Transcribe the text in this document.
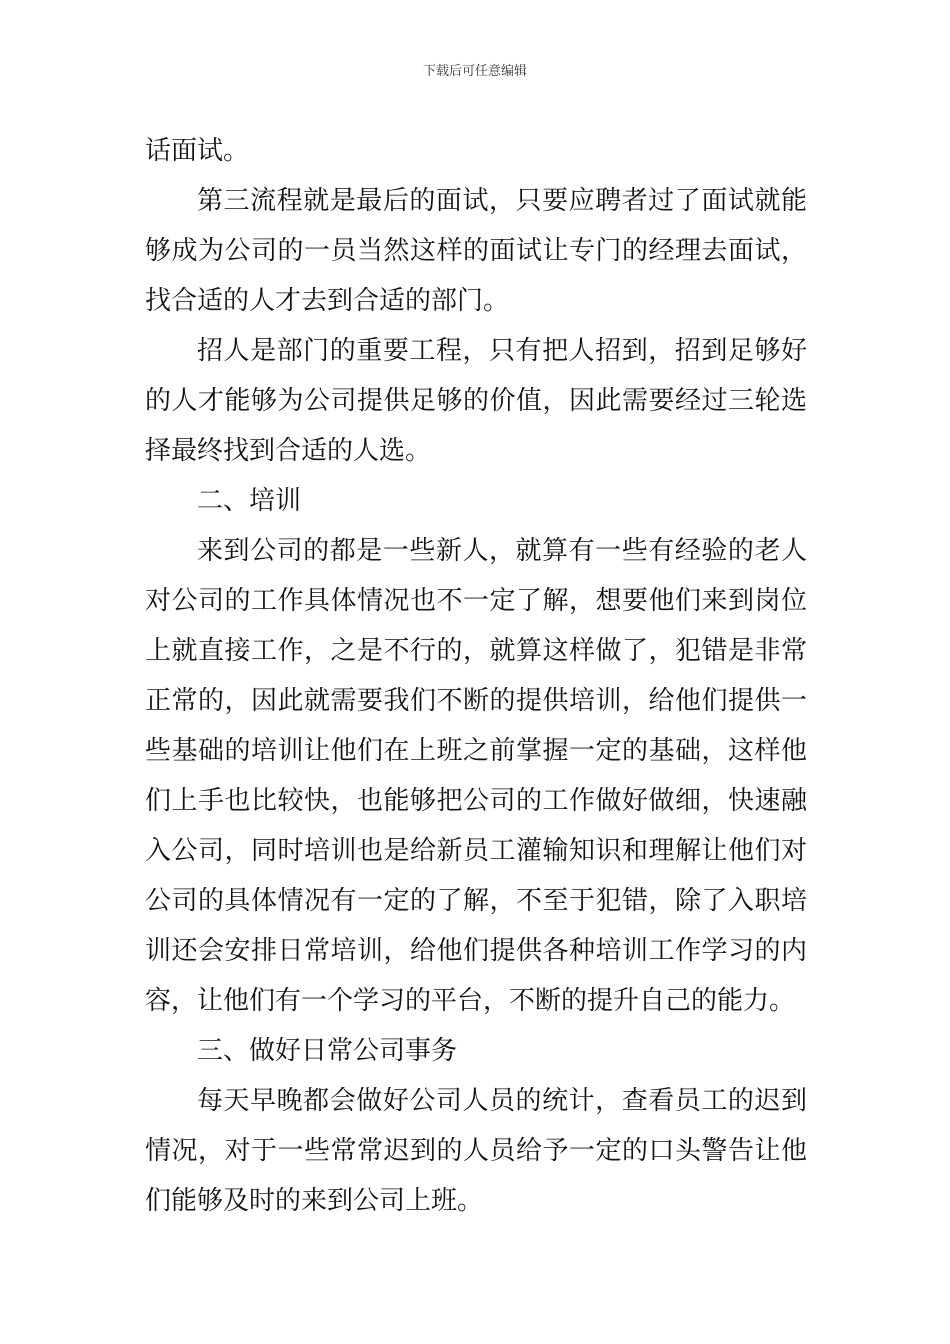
下载后可任意编辑

话面试。

第三流程就是最后的面试，只要应聘者过了面试就能够成为公司的一员当然这样的面试让专门的经理去面试，找合适的人才去到合适的部门。

招人是部门的重要工程，只有把人招到，招到足够好的人才能够为公司提供足够的价值，因此需要经过三轮选择最终找到合适的人选。

二、培训

来到公司的都是一些新人，就算有一些有经验的老人对公司的工作具体情况也不一定了解，想要他们来到岗位上就直接工作，之是不行的，就算这样做了，犯错是非常正常的，因此就需要我们不断的提供培训，给他们提供一些基础的培训让他们在上班之前掌握一定的基础，这样他们上手也比较快，也能够把公司的工作做好做细，快速融入公司，同时培训也是给新员工灌输知识和理解让他们对公司的具体情况有一定的了解，不至于犯错，除了入职培训还会安排日常培训，给他们提供各种培训工作学习的内容，让他们有一个学习的平台，不断的提升自己的能力。

三、做好日常公司事务

每天早晚都会做好公司人员的统计，查看员工的迟到情况，对于一些常常迟到的人员给予一定的口头警告让他们能够及时的来到公司上班。
